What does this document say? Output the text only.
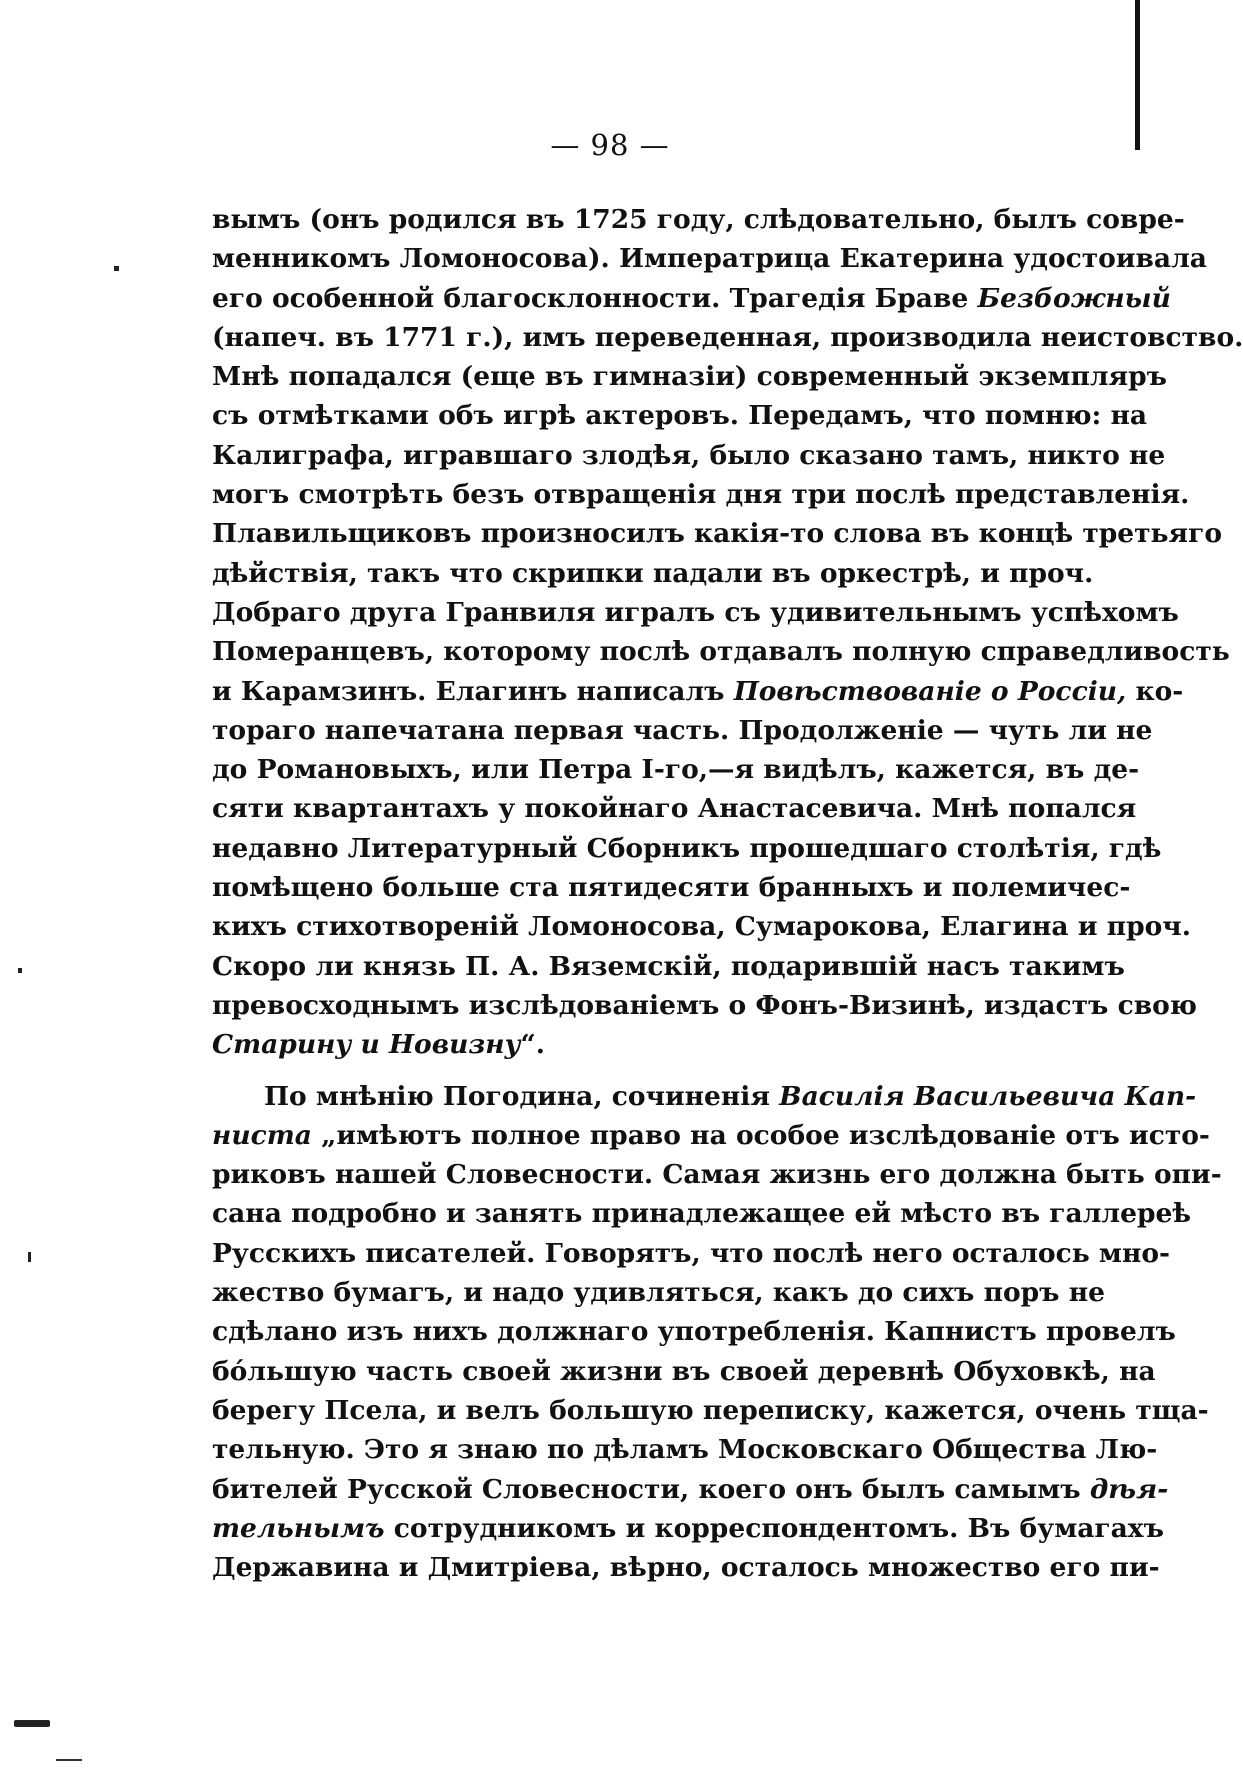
— 98 —
вымъ (онъ родился въ 1725 году, слѣдовательно, былъ совре-
менникомъ Ломоносова). Императрица Екатерина удостоивала
его особенной благосклонности. Трагедія Браве Безбожный
(напеч. въ 1771 г.), имъ переведенная, производила неистовство.
Мнѣ попадался (еще въ гимназіи) современный экземпляръ
съ отмѣтками объ игрѣ актеровъ. Передамъ, что помню: на
Калиграфа, игравшаго злодѣя, было сказано тамъ, никто не
могъ смотрѣть безъ отвращенія дня три послѣ представленія.
Плавильщиковъ произносилъ какія-то слова въ концѣ третьяго
дѣйствія, такъ что скрипки падали въ оркестрѣ, и проч.
Добраго друга Гранвиля игралъ съ удивительнымъ успѣхомъ
Померанцевъ, которому послѣ отдавалъ полную справедливость
и Карамзинъ. Елагинъ написалъ Повѣствованіе о Россіи, ко-
тораго напечатана первая часть. Продолженіе — чуть ли не
до Романовыхъ, или Петра І-го,—я видѣлъ, кажется, въ де-
сяти квартантахъ у покойнаго Анастасевича. Мнѣ попался
недавно Литературный Сборникъ прошедшаго столѣтія, гдѣ
помѣщено больше ста пятидесяти бранныхъ и полемичес-
кихъ стихотвореній Ломоносова, Сумарокова, Елагина и проч.
Скоро ли князь П. А. Вяземскій, подарившій насъ такимъ
превосходнымъ изслѣдованіемъ о Фонъ-Визинѣ, издастъ свою
Старину и Новизну“.
По мнѣнію Погодина, сочиненія Василія Васильевича Кап-
ниста „имѣютъ полное право на особое изслѣдованіе отъ исто-
риковъ нашей Словесности. Самая жизнь его должна быть опи-
сана подробно и занять принадлежащее ей мѣсто въ галлереѣ
Русскихъ писателей. Говорятъ, что послѣ него осталось мно-
жество бумагъ, и надо удивляться, какъ до сихъ поръ не
сдѣлано изъ нихъ должнаго употребленія. Капнистъ провелъ
бóльшую часть своей жизни въ своей деревнѣ Обуховкѣ, на
берегу Псела, и велъ большую переписку, кажется, очень тща-
тельную. Это я знаю по дѣламъ Московскаго Общества Лю-
бителей Русской Словесности, коего онъ былъ самымъ дѣя-
тельнымъ сотрудникомъ и корреспондентомъ. Въ бумагахъ
Державина и Дмитріева, вѣрно, осталось множество его пи-
